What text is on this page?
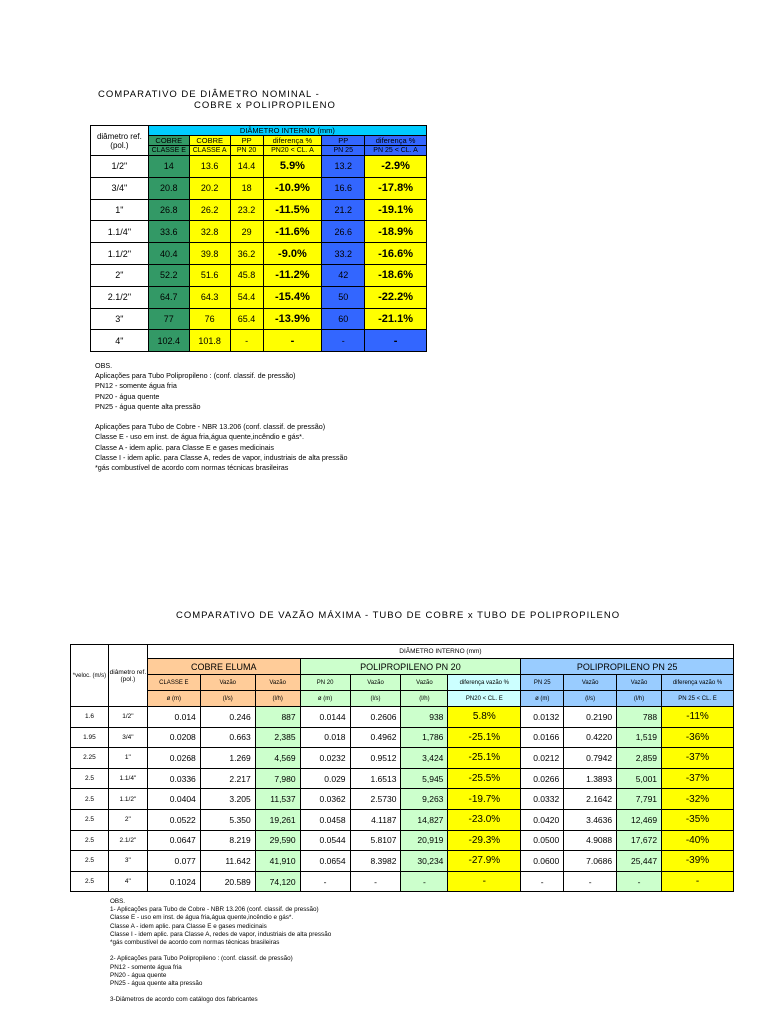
COMPARATIVO DE DIÂMETRO NOMINAL -
COBRE x POLIPROPILENO
diâmetro ref. (pol.)	DIÂMETRO INTERNO (mm)					
	COBRE	COBRE	PP	diferença %	PP	diferença %
	CLASSE E	CLASSE A	PN 20	PN20 < CL. A	PN 25	PN 25 < CL. A
1/2"	14	13.6	14.4	5.9%	13.2	-2.9%
3/4"	20.8	20.2	18	-10.9%	16.6	-17.8%
1"	26.8	26.2	23.2	-11.5%	21.2	-19.1%
1.1/4"	33.6	32.8	29	-11.6%	26.6	-18.9%
1.1/2"	40.4	39.8	36.2	-9.0%	33.2	-16.6%
2"	52.2	51.6	45.8	-11.2%	42	-18.6%
2.1/2"	64.7	64.3	54.4	-15.4%	50	-22.2%
3"	77	76	65.4	-13.9%	60	-21.1%
4"	102.4	101.8	-	-	-	-
OBS.
Aplicações para Tubo Polipropileno : (conf. classif. de pressão)
PN12 - somente água fria
PN20 - água quente
PN25 - água quente alta pressão

Aplicações para Tubo de Cobre - NBR 13.206 (conf. classif. de pressão)
Classe E - uso em inst. de água fria,água quente,incêndio e gás*.
Classe A - idem aplic. para Classe E e gases medicinais
Classe I - idem aplic. para Classe A, redes de vapor, industriais de alta pressão
*gás combustível de acordo com normas técnicas brasileiras
COMPARATIVO DE VAZÃO MÁXIMA - TUBO DE COBRE x TUBO DE POLIPROPILENO
*veloc. (m/s)	diâmetro ref. (pol.)	DIÂMETRO INTERNO (mm)										
		COBRE ELUMA			POLIPROPILENO PN 20				POLIPROPILENO PN 25			
		CLASSE E	Vazão	Vazão	PN 20	Vazão	Vazão	diferença vazão %	PN 25	Vazão	Vazão	diferença vazão %
		ø (m)	(l/s)	(l/h)	ø (m)	(l/s)	(l/h)	PN20 < CL. E	ø (m)	(l/s)	(l/h)	PN 25 < CL. E
1.6	1/2"	0.014	0.246	887	0.0144	0.2606	938	5.8%	0.0132	0.2190	788	-11%
1.95	3/4"	0.0208	0.663	2,385	0.018	0.4962	1,786	-25.1%	0.0166	0.4220	1,519	-36%
2.25	1"	0.0268	1.269	4,569	0.0232	0.9512	3,424	-25.1%	0.0212	0.7942	2,859	-37%
2.5	1.1/4"	0.0336	2.217	7,980	0.029	1.6513	5,945	-25.5%	0.0266	1.3893	5,001	-37%
2.5	1.1/2"	0.0404	3.205	11,537	0.0362	2.5730	9,263	-19.7%	0.0332	2.1642	7,791	-32%
2.5	2"	0.0522	5.350	19,261	0.0458	4.1187	14,827	-23.0%	0.0420	3.4636	12,469	-35%
2.5	2.1/2"	0.0647	8.219	29,590	0.0544	5.8107	20,919	-29.3%	0.0500	4.9088	17,672	-40%
2.5	3"	0.077	11.642	41,910	0.0654	8.3982	30,234	-27.9%	0.0600	7.0686	25,447	-39%
2.5	4"	0.1024	20.589	74,120	-	-	-	-	-	-	-	-
OBS.
1- Aplicações para Tubo de Cobre - NBR 13.206 (conf. classif. de pressão)
Classe E - uso em inst. de água fria,água quente,incêndio e gás*.
Classe A - idem aplic. para Classe E e gases medicinais
Classe I - idem aplic. para Classe A, redes de vapor, industriais de alta pressão
*gás combustível de acordo com normas técnicas brasileiras

2- Aplicações para Tubo Polipropileno : (conf. classif. de pressão)
PN12 - somente água fria
PN20 - água quente
PN25 - água quente alta pressão

3-Diâmetros de acordo com catálogo dos fabricantes
